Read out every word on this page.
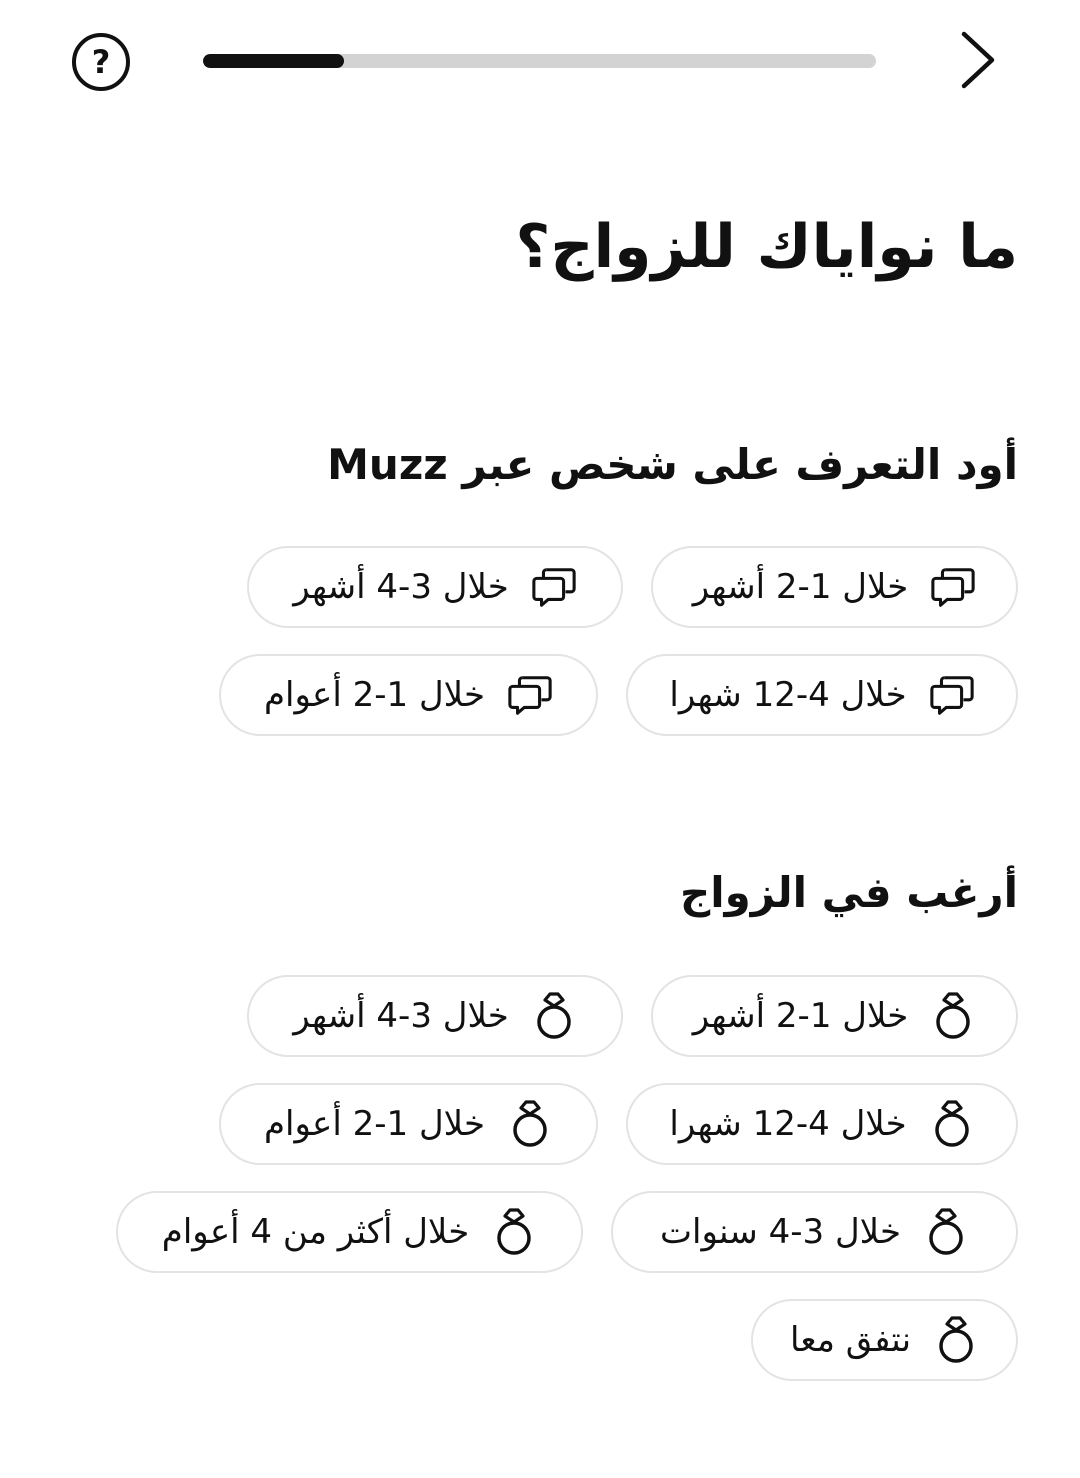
?
ما نواياك للزواج؟
أود التعرف على شخص عبر Muzz
خلال 1-2 أشهر
خلال 3-4 أشهر
خلال 4-12 شهرا
خلال 1-2 أعوام
أرغب في الزواج
خلال 1-2 أشهر
خلال 3-4 أشهر
خلال 4-12 شهرا
خلال 1-2 أعوام
خلال 3-4 سنوات
خلال أكثر من 4 أعوام
نتفق معا
